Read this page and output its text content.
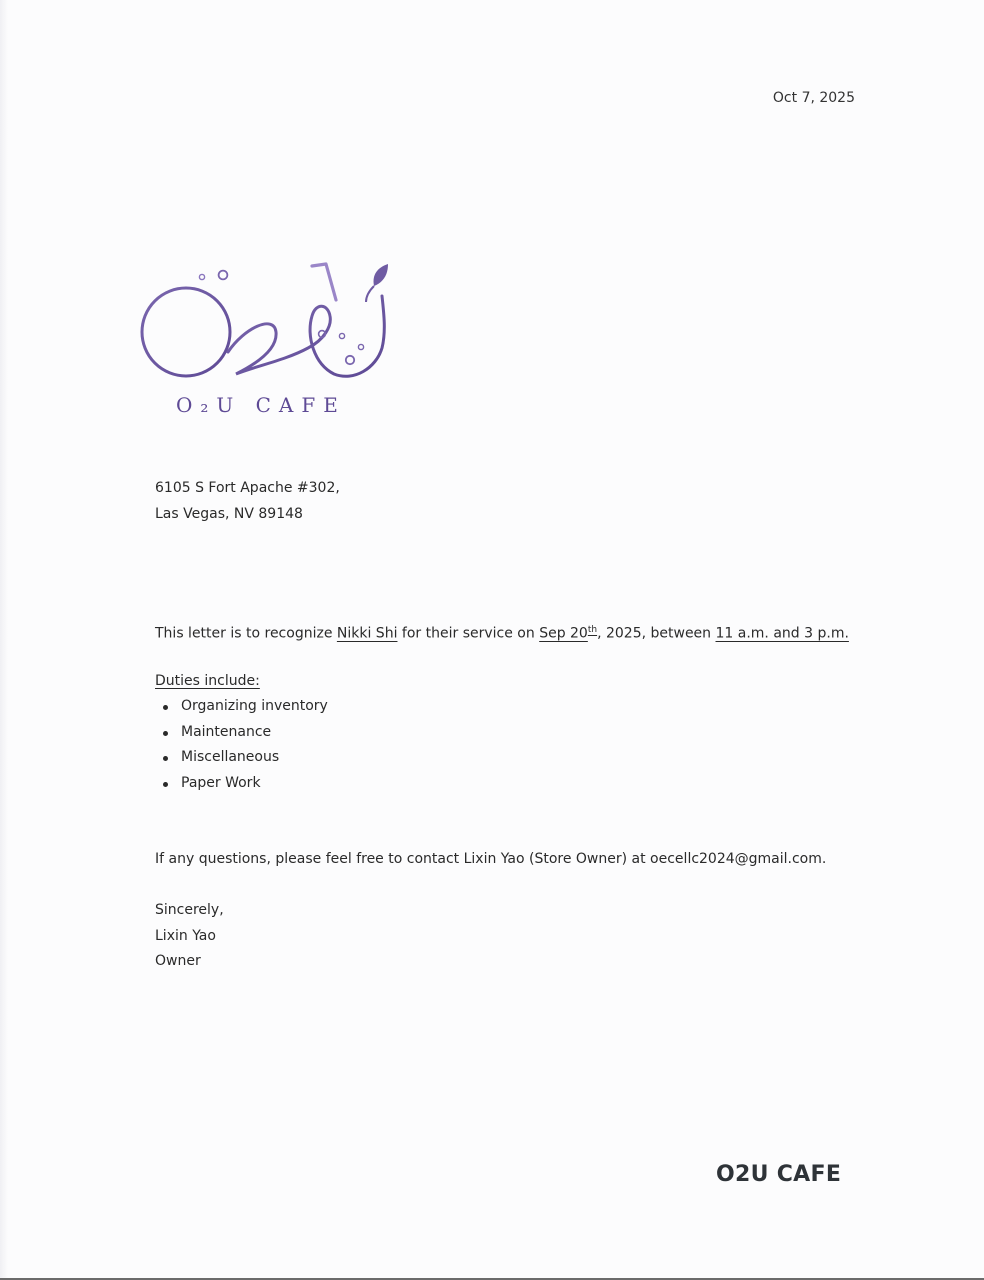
Oct 7, 2025
O₂U CAFE
6105 S Fort Apache #302,
Las Vegas, NV 89148
This letter is to recognize Nikki Shi for their service on Sep 20th, 2025, between 11 a.m. and 3 p.m.
Duties include:
Organizing inventory
Maintenance
Miscellaneous
Paper Work
If any questions, please feel free to contact Lixin Yao (Store Owner) at oecellc2024@gmail.com.
Sincerely,
Lixin Yao
Owner
O2U CAFE
